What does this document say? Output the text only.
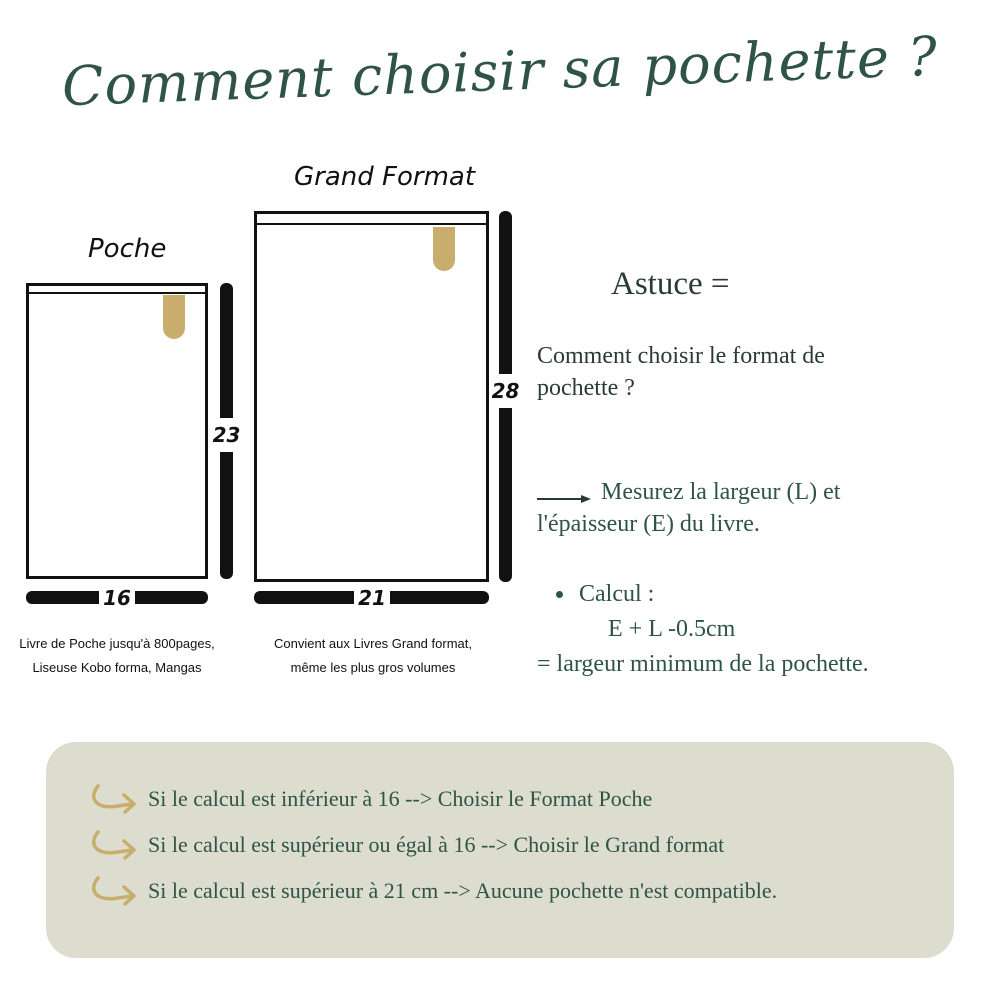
Comment choisir sa pochette ?
Poche
23
16
Livre de Poche jusqu'à 800pages,
Liseuse Kobo forma, Mangas
Grand Format
28
21
Convient aux Livres Grand format,
même les plus gros volumes
Astuce =
Comment choisir le format de
pochette ?
Mesurez la largeur (L) et
l'épaisseur (E) du livre.
Calcul :
E + L -0.5cm
= largeur minimum de la pochette.
Si le calcul est inférieur à 16 --> Choisir le Format Poche
Si le calcul est supérieur ou égal à 16 --> Choisir le Grand format
Si le calcul est supérieur à 21 cm --> Aucune pochette n'est compatible.
